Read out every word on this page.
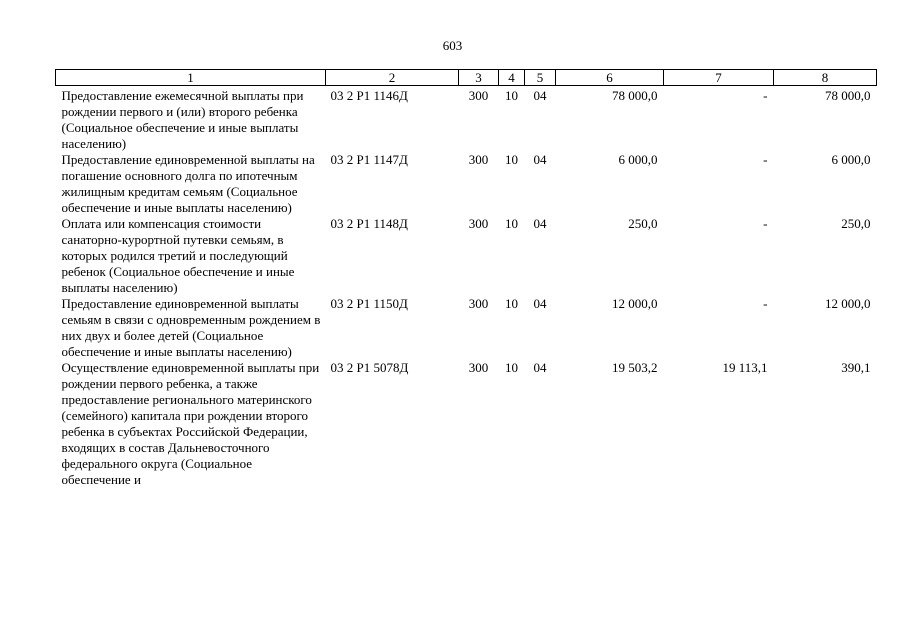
603
1	2	3	4	5	6	7	8
Предоставление ежемесячной выплаты при рождении первого и (или) второго ребенка (Социальное обеспечение и иные выплаты населению)	03 2 Р1 1146Д	300	10	04	78 000,0	-	78 000,0
Предоставление единовременной выплаты на погашение основного долга по ипотечным жилищным кредитам семьям (Социальное обеспечение и иные выплаты населению)	03 2 Р1 1147Д	300	10	04	6 000,0	-	6 000,0
Оплата или компенсация стоимости санаторно-курортной путевки семьям, в которых родился третий и последующий ребенок (Социальное обеспечение и иные выплаты населению)	03 2 Р1 1148Д	300	10	04	250,0	-	250,0
Предоставление единовременной выплаты семьям в связи с одновременным рождением в них двух и более детей (Социальное обеспечение и иные выплаты населению)	03 2 Р1 1150Д	300	10	04	12 000,0	-	12 000,0
Осуществление единовременной выплаты при рождении первого ребенка, а также предоставление регионального материнского (семейного) капитала при рождении второго ребенка в субъектах Российской Федерации, входящих в состав Дальневосточного федерального округа (Социальное обеспечение и	03 2 Р1 5078Д	300	10	04	19 503,2	19 113,1	390,1
